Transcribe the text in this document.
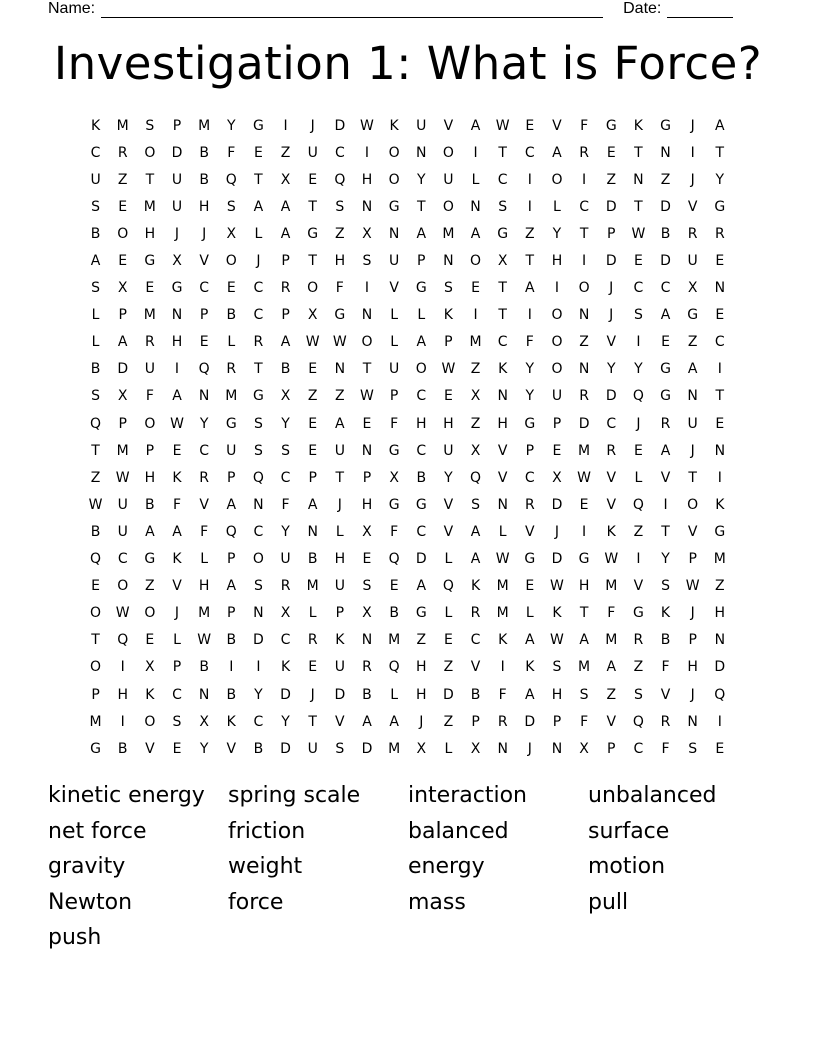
Name:	Date:
Investigation 1: What is Force?
K	M	S	P	M	Y	G	I	J	D	W	K	U	V	A	W	E	V	F	G	K	G	J	A
C	R	O	D	B	F	E	Z	U	C	I	O	N	O	I	T	C	A	R	E	T	N	I	T
U	Z	T	U	B	Q	T	X	E	Q	H	O	Y	U	L	C	I	O	I	Z	N	Z	J	Y
S	E	M	U	H	S	A	A	T	S	N	G	T	O	N	S	I	L	C	D	T	D	V	G
B	O	H	J	J	X	L	A	G	Z	X	N	A	M	A	G	Z	Y	T	P	W	B	R	R
A	E	G	X	V	O	J	P	T	H	S	U	P	N	O	X	T	H	I	D	E	D	U	E
S	X	E	G	C	E	C	R	O	F	I	V	G	S	E	T	A	I	O	J	C	C	X	N
L	P	M	N	P	B	C	P	X	G	N	L	L	K	I	T	I	O	N	J	S	A	G	E
L	A	R	H	E	L	R	A	W W	O	L	A	P	M	C	F	O	Z	V	I	E	Z	C
B	D	U	I	Q	R	T	B	E	N	T	U	O	W	Z	K	Y	O	N	Y	Y	G	A	I
S	X	F	A	N	M	G	X	Z	Z	W	P	C	E	X	N	Y	U	R	D	Q	G	N	T
Q	P	O	W	Y	G	S	Y	E	A	E	F	H	H	Z	H	G	P	D	C	J	R	U	E
T	M	P	E	C	U	S	S	E	U	N	G	C	U	X	V	P	E	M	R	E	A	J	N
Z	W	H	K	R	P	Q	C	P	T	P	X	B	Y	Q	V	C	X	W	V	L	V	T	I
W	U	B	F	V	A	N	F	A	J	H	G	G	V	S	N	R	D	E	V	Q	I	O	K
B	U	A	A	F	Q	C	Y	N	L	X	F	C	V	A	L	V	J	I	K	Z	T	V	G
Q	C	G	K	L	P	O	U	B	H	E	Q	D	L	A	W	G	D	G	W	I	Y	P	M
E	O	Z	V	H	A	S	R	M	U	S	E	A	Q	K	M	E	W	H	M	V	S	W	Z
O	W	O	J	M	P	N	X	L	P	X	B	G	L	R	M	L	K	T	F	G	K	J	H
T	Q	E	L	W	B	D	C	R	K	N	M	Z	E	C	K	A	W	A	M	R	B	P	N
O	I	X	P	B	I	I	K	E	U	R	Q	H	Z	V	I	K	S	M	A	Z	F	H	D
P	H	K	C	N	B	Y	D	J	D	B	L	H	D	B	F	A	H	S	Z	S	V	J	Q
M	I	O	S	X	K	C	Y	T	V	A	A	J	Z	P	R	D	P	F	V	Q	R	N	I
G	B	V	E	Y	V	B	D	U	S	D	M	X	L	X	N	J	N	X	P	C	F	S	E
kinetic energy	spring scale	interaction	unbalanced
net force	friction	balanced	surface
gravity	weight	energy	motion
Newton	force	mass	pull
push
